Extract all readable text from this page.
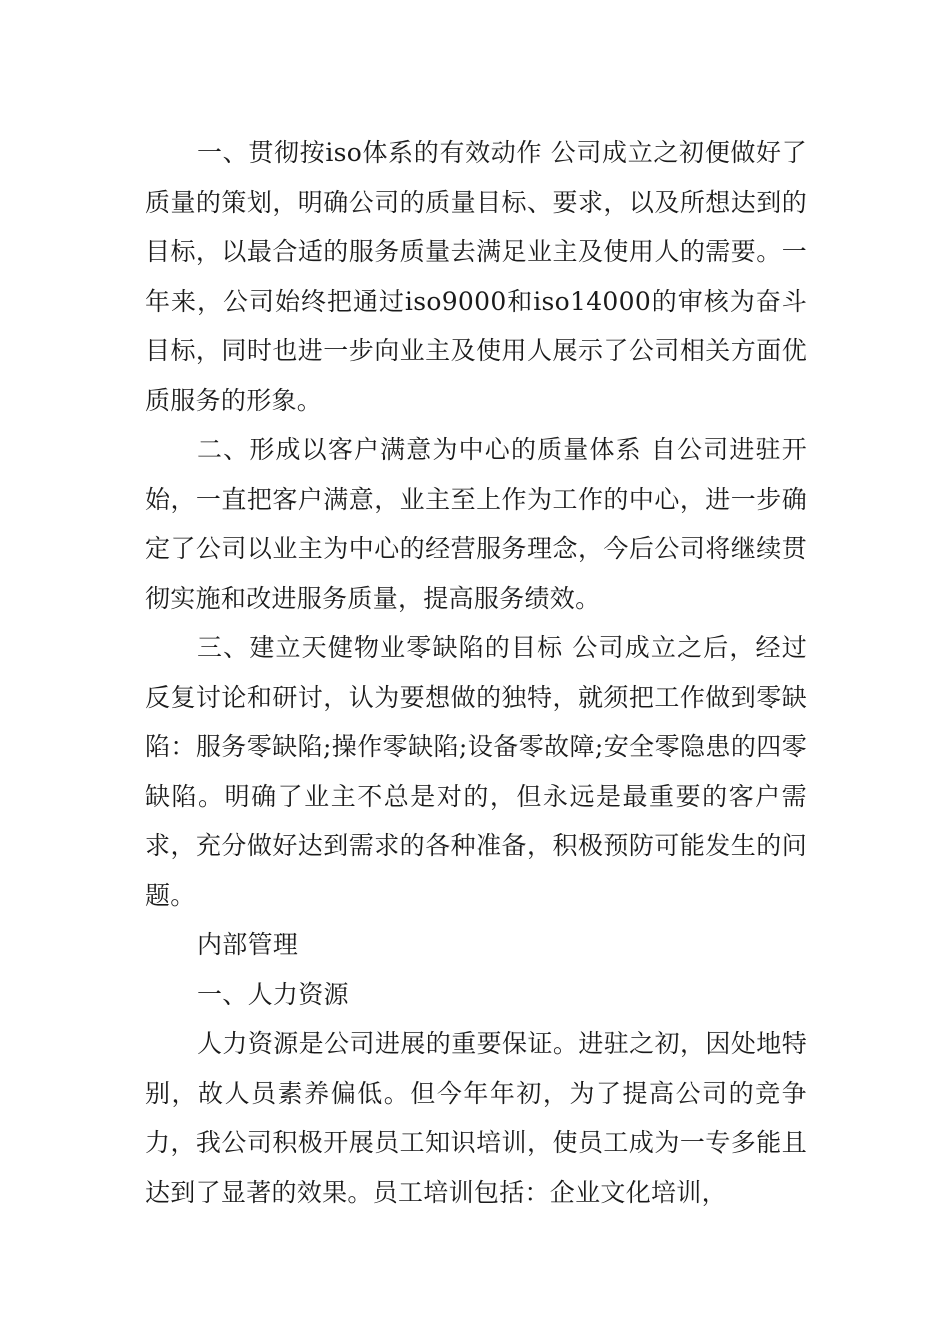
一、贯彻按iso体系的有效动作 公司成立之初便做好了质量的策划，明确公司的质量目标、要求，以及所想达到的目标，以最合适的服务质量去满足业主及使用人的需要。一年来，公司始终把通过iso9000和iso14000的审核为奋斗目标，同时也进一步向业主及使用人展示了公司相关方面优质服务的形象。

二、形成以客户满意为中心的质量体系 自公司进驻开始，一直把客户满意，业主至上作为工作的中心，进一步确定了公司以业主为中心的经营服务理念，今后公司将继续贯彻实施和改进服务质量，提高服务绩效。

三、建立天健物业零缺陷的目标 公司成立之后，经过反复讨论和研讨，认为要想做的独特，就须把工作做到零缺陷：服务零缺陷;操作零缺陷;设备零故障;安全零隐患的四零缺陷。明确了业主不总是对的，但永远是最重要的客户需求，充分做好达到需求的各种准备，积极预防可能发生的问题。

内部管理

一、人力资源

人力资源是公司进展的重要保证。进驻之初，因处地特别，故人员素养偏低。但今年年初，为了提高公司的竞争力，我公司积极开展员工知识培训，使员工成为一专多能且达到了显著的效果。员工培训包括：企业文化培训，
